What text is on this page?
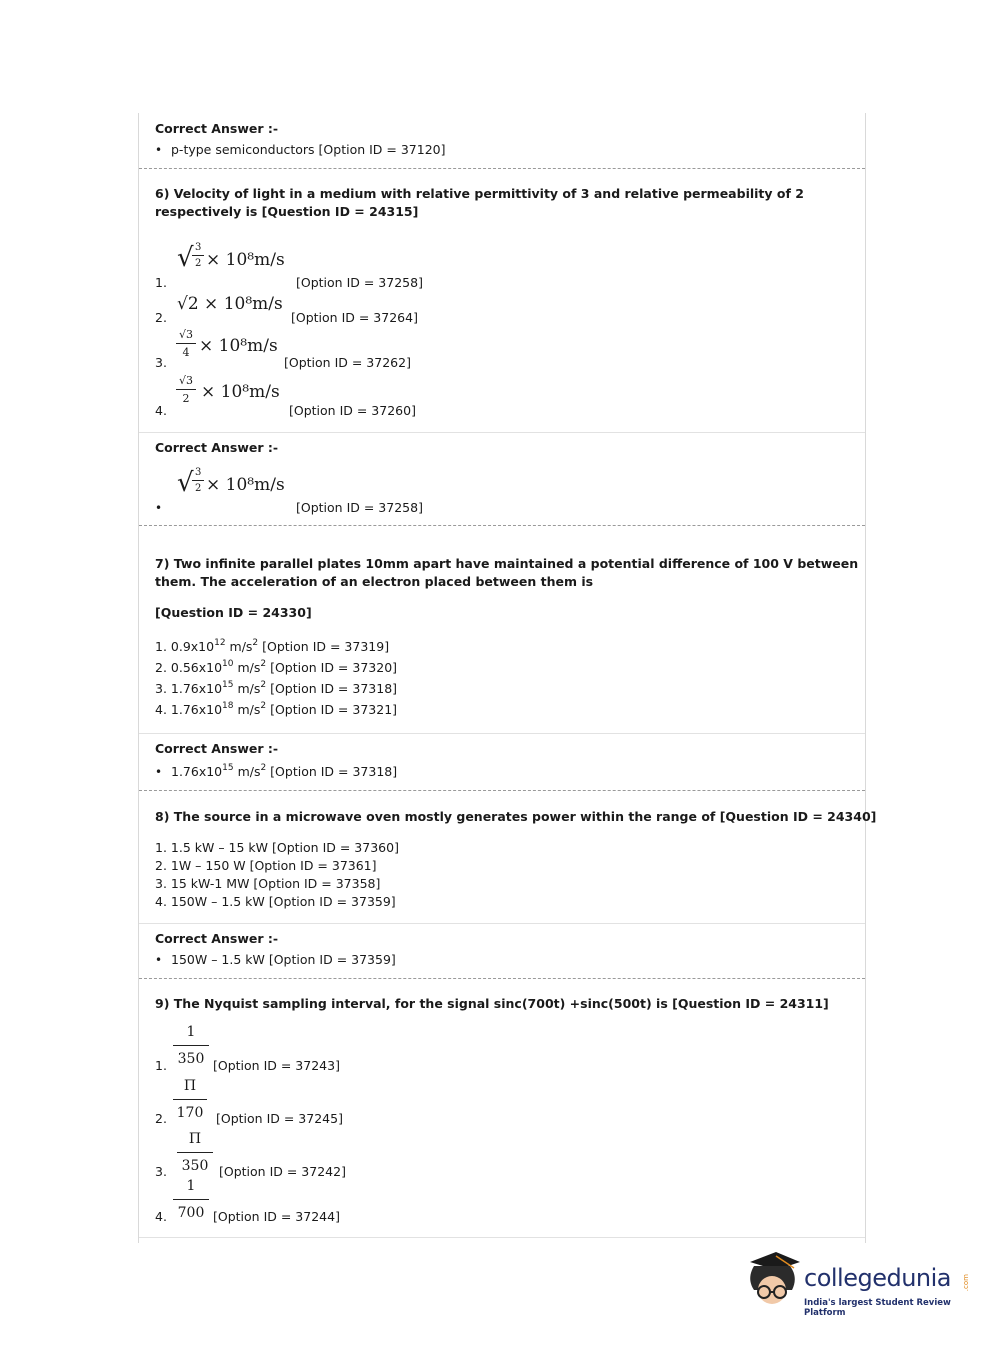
Correct Answer :-
• p-type semiconductors [Option ID = 37120]
6) Velocity of light in a medium with relative permittivity of 3 and relative permeability of 2 respectively is [Question ID = 24315]
1.
√
$\frac{3}{2} \times 10^8m/s$
[Option ID = 37258]
2.
√2 × 10⁸m/s
[Option ID = 37264]
3.
$\frac{√3}{4} \times 10^8m/s$
[Option ID = 37262]
4.
$\frac{√3}{2} \times 10^8m/s$
[Option ID = 37260]
Correct Answer :-
•
√
$\frac{3}{2} \times 10^8m/s$
[Option ID = 37258]
7) Two infinite parallel plates 10mm apart have maintained a potential difference of 100 V between them. The acceleration of an electron placed between them is
[Question ID = 24330]
1. $0.9x10^{12}$ $m/s^2$ [Option ID = 37319]
2. $0.56x10^{10}$ $m/s^2$ [Option ID = 37320]
3. $1.76x10^{15}$ $m/s^2$ [Option ID = 37318]
4. $1.76x10^{18}$ $m/s^2$ [Option ID = 37321]
Correct Answer :-
• $1.76x10^{15}$ $m/s^2$ [Option ID = 37318]
8) The source in a microwave oven mostly generates power within the range of [Question ID = 24340]
1. 1.5 kW – 15 kW [Option ID = 37360]
2. 1W – 150 W [Option ID = 37361]
3. 15 kW-1 MW [Option ID = 37358]
4. 150W – 1.5 kW [Option ID = 37359]
Correct Answer :-
• 150W – 1.5 kW [Option ID = 37359]
9) The Nyquist sampling interval, for the signal sinc(700t) +sinc(500t) is [Question ID = 24311]
1. $\frac{1}{350}$ [Option ID = 37243]
2. $\frac{\Pi}{170}$ [Option ID = 37245]
3. $\frac{\Pi}{350}$ [Option ID = 37242]
4. $\frac{1}{700}$ [Option ID = 37244]
collegedunia .com
India's largest Student Review Platform
